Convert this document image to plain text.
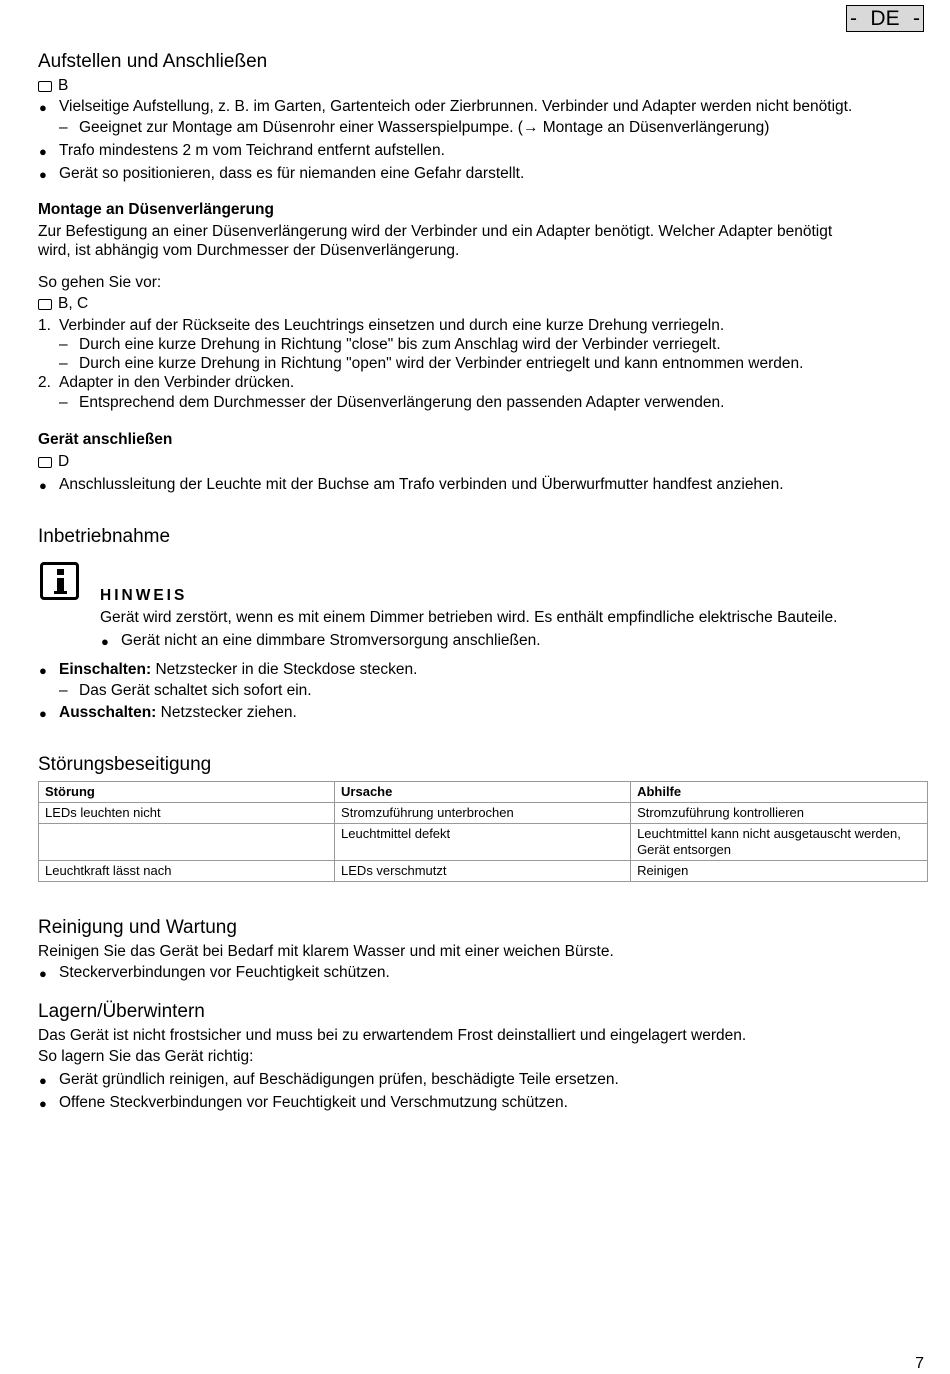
- DE -
Aufstellen und Anschließen
B
● Vielseitige Aufstellung, z. B. im Garten, Gartenteich oder Zierbrunnen. Verbinder und Adapter werden nicht benötigt.
– Geeignet zur Montage am Düsenrohr einer Wasserspielpumpe. (→ Montage an Düsenverlängerung)
● Trafo mindestens 2 m vom Teichrand entfernt aufstellen.
● Gerät so positionieren, dass es für niemanden eine Gefahr darstellt.
Montage an Düsenverlängerung
Zur Befestigung an einer Düsenverlängerung wird der Verbinder und ein Adapter benötigt. Welcher Adapter benötigt
wird, ist abhängig vom Durchmesser der Düsenverlängerung.
So gehen Sie vor:
B, C
1. Verbinder auf der Rückseite des Leuchtrings einsetzen und durch eine kurze Drehung verriegeln.
– Durch eine kurze Drehung in Richtung "close" bis zum Anschlag wird der Verbinder verriegelt.
– Durch eine kurze Drehung in Richtung "open" wird der Verbinder entriegelt und kann entnommen werden.
2. Adapter in den Verbinder drücken.
– Entsprechend dem Durchmesser der Düsenverlängerung den passenden Adapter verwenden.
Gerät anschließen
D
● Anschlussleitung der Leuchte mit der Buchse am Trafo verbinden und Überwurfmutter handfest anziehen.
Inbetriebnahme
HINWEIS
Gerät wird zerstört, wenn es mit einem Dimmer betrieben wird. Es enthält empfindliche elektrische Bauteile.
● Gerät nicht an eine dimmbare Stromversorgung anschließen.
● Einschalten: Netzstecker in die Steckdose stecken.
– Das Gerät schaltet sich sofort ein.
● Ausschalten: Netzstecker ziehen.
Störungsbeseitigung
Störung	Ursache	Abhilfe
LEDs leuchten nicht	Stromzuführung unterbrochen	Stromzuführung kontrollieren
	Leuchtmittel defekt	Leuchtmittel kann nicht ausgetauscht werden, Gerät entsorgen
Leuchtkraft lässt nach	LEDs verschmutzt	Reinigen
Reinigung und Wartung
Reinigen Sie das Gerät bei Bedarf mit klarem Wasser und mit einer weichen Bürste.
● Steckerverbindungen vor Feuchtigkeit schützen.
Lagern/Überwintern
Das Gerät ist nicht frostsicher und muss bei zu erwartendem Frost deinstalliert und eingelagert werden.
So lagern Sie das Gerät richtig:
● Gerät gründlich reinigen, auf Beschädigungen prüfen, beschädigte Teile ersetzen.
● Offene Steckverbindungen vor Feuchtigkeit und Verschmutzung schützen.
7
